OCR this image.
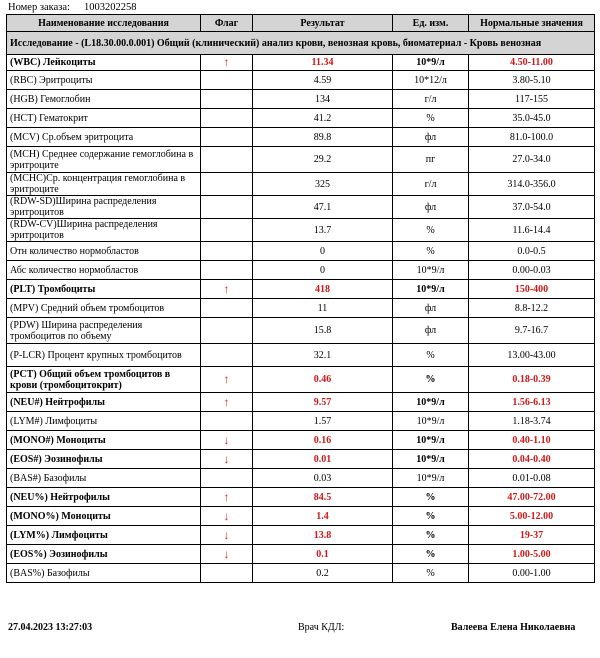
Номер заказа: 1003202258
Наименование исследования	Флаг	Результат	Ед. изм.	Нормальные значения
Исследование - (L18.30.00.0.001) Общий (клинический) анализ крови, венозная кровь, биоматериал - Кровь венозная				
(WBC) Лейкоциты	↑	11.34	10*9/л	4.50-11.00
(RBC) Эритроциты		4.59	10*12/л	3.80-5.10
(HGB) Гемоглобин		134	г/л	117-155
(HCT) Гематокрит		41.2	%	35.0-45.0
(MCV) Ср.объем эритроцита		89.8	фл	81.0-100.0
(MCH) Среднее содержание гемоглобина в эритроците		29.2	пг	27.0-34.0
(MCHC)Ср. концентрация гемоглобина в эритроците		325	г/л	314.0-356.0
(RDW-SD)Ширина распределения эритроцитов		47.1	фл	37.0-54.0
(RDW-CV)Ширина распределения эритроцитов		13.7	%	11.6-14.4
Отн количество нормобластов		0	%	0.0-0.5
Абс количество нормобластов		0	10*9/л	0.00-0.03
(PLT) Тромбоциты	↑	418	10*9/л	150-400
(MPV) Средний объем тромбоцитов		11	фл	8.8-12.2
(PDW) Ширина распределения тромбоцитов по объему		15.8	фл	9.7-16.7
(P-LCR) Процент крупных тромбоцитов		32.1	%	13.00-43.00
(PCT) Общий объем тромбоцитов в крови (тромбоцитокрит)	↑	0.46	%	0.18-0.39
(NEU#) Нейтрофилы	↑	9.57	10*9/л	1.56-6.13
(LYM#) Лимфоциты		1.57	10*9/л	1.18-3.74
(MONO#) Моноциты	↓	0.16	10*9/л	0.40-1.10
(EOS#) Эозинофилы	↓	0.01	10*9/л	0.04-0.40
(BAS#) Базофилы		0.03	10*9/л	0.01-0.08
(NEU%) Нейтрофилы	↑	84.5	%	47.00-72.00
(MONO%) Моноциты	↓	1.4	%	5.00-12.00
(LYM%) Лимфоциты	↓	13.8	%	19-37
(EOS%) Эозинофилы	↓	0.1	%	1.00-5.00
(BAS%) Базофилы		0.2	%	0.00-1.00
27.04.2023 13:27:03	Врач КДЛ:	Валеева Елена Николаевна
